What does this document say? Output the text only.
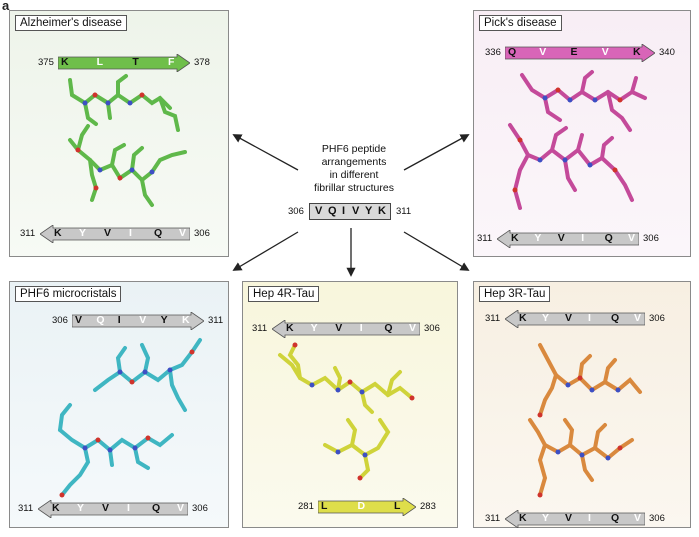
a
Alzheimer's disease	Pick's disease
PHF6 microcristals	Hep 4R-Tau	Hep 3R-Tau
K	L	T	F
375	378
K Y V I Q V
311	306
Q V E V K
336	340
K Y V I Q V
311	306
V Q I V Y K
306	311
K Y V I Q V
311	306
K Y V I Q V
311	306
L	D	L
281	283
K Y V I Q V
311	306
K Y V I Q V
311	306
PHF6 peptide
arrangements
in different
fibrillar structures
306 V Q I V Y K 311
